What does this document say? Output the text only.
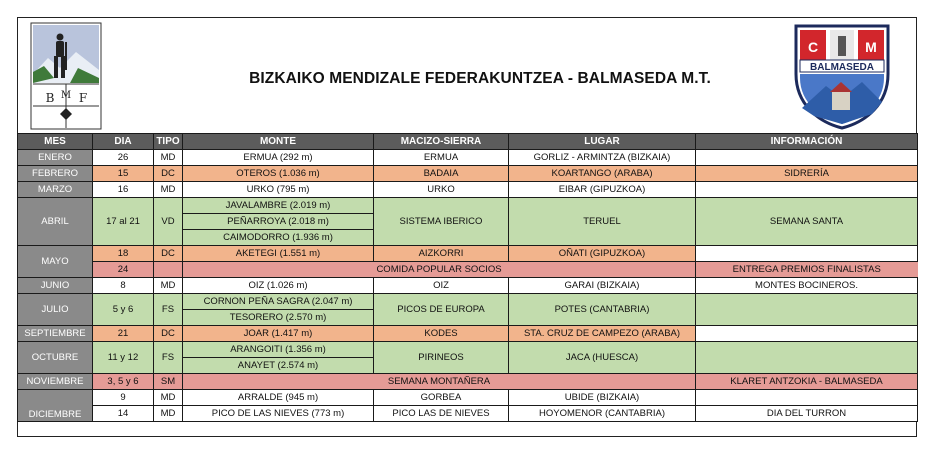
B M F
BIZKAIKO MENDIZALE FEDERAKUNTZEA - BALMASEDA M.T.
C	M
BALMASEDA
MES	DIA	TIPO	MONTE	MACIZO-SIERRA	LUGAR	INFORMACIÓN
ENERO	26	MD	ERMUA (292 m)	ERMUA	GORLIZ - ARMINTZA (BIZKAIA)	
FEBRERO	15	DC	OTEROS (1.036 m)	BADAIA	KOARTANGO (ARABA)	SIDRERÍA
MARZO	16	MD	URKO (795 m)	URKO	EIBAR (GIPUZKOA)	
ABRIL	17 al 21	VD	JAVALAMBRE (2.019 m)	SISTEMA IBERICO	TERUEL	SEMANA SANTA
			PEÑARROYA (2.018 m)			
			CAIMODORRO (1.936 m)			
MAYO	18	DC	AKETEGI (1.551 m)	AIZKORRI	OÑATI (GIPUZKOA)	
	24		COMIDA POPULAR SOCIOS			ENTREGA PREMIOS FINALISTAS
JUNIO	8	MD	OIZ (1.026 m)	OIZ	GARAI (BIZKAIA)	MONTES BOCINEROS.
JULIO	5 y 6	FS	CORNON PEÑA SAGRA (2.047 m)	PICOS DE EUROPA	POTES (CANTABRIA)	
			TESORERO (2.570 m)			
SEPTIEMBRE	21	DC	JOAR (1.417 m)	KODES	STA. CRUZ DE CAMPEZO (ARABA)	
OCTUBRE	11 y 12	FS	ARANGOITI (1.356 m)	PIRINEOS	JACA (HUESCA)	
			ANAYET (2.574 m)			
NOVIEMBRE	3, 5 y 6	SM	SEMANA MONTAÑERA			KLARET ANTZOKIA - BALMASEDA
DICIEMBRE	9	MD	ARRALDE (945 m)	GORBEA	UBIDE (BIZKAIA)	
	14	MD	PICO DE LAS NIEVES (773 m)	PICO LAS DE NIEVES	HOYOMENOR (CANTABRIA)	DIA DEL TURRON
